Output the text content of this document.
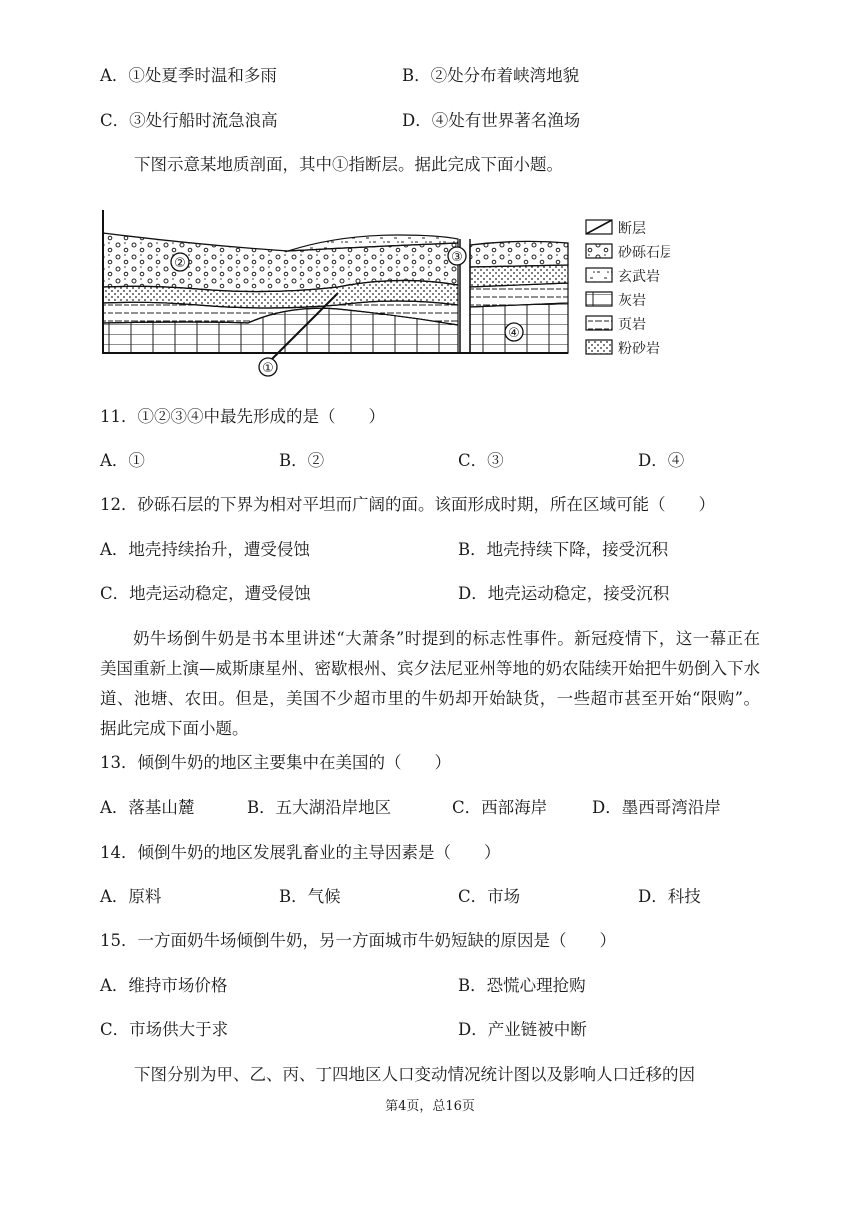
A．①处夏季时温和多雨	B．②处分布着峡湾地貌
C．③处行船时流急浪高	D．④处有世界著名渔场
下图示意某地质剖面，其中①指断层。据此完成下面小题。
①
②	③
④
断层
砂砾石层
玄武岩
灰岩
页岩
粉砂岩
11．①②③④中最先形成的是（　　）
A．①	B．②	C．③	D．④
12．砂砾石层的下界为相对平坦而广阔的面。该面形成时期，所在区域可能（　　）
A．地壳持续抬升，遭受侵蚀	B．地壳持续下降，接受沉积
C．地壳运动稳定，遭受侵蚀	D．地壳运动稳定，接受沉积
奶牛场倒牛奶是书本里讲述“大萧条”时提到的标志性事件。新冠疫情下，这一幕正在美国重新上演—威斯康星州、密歇根州、宾夕法尼亚州等地的奶农陆续开始把牛奶倒入下水道、池塘、农田。但是，美国不少超市里的牛奶却开始缺货，一些超市甚至开始“限购”。据此完成下面小题。
13．倾倒牛奶的地区主要集中在美国的（　　）
A．落基山麓	B．五大湖沿岸地区	C．西部海岸	D．墨西哥湾沿岸
14．倾倒牛奶的地区发展乳畜业的主导因素是（　　）
A．原料	B．气候	C．市场	D．科技
15．一方面奶牛场倾倒牛奶，另一方面城市牛奶短缺的原因是（　　）
A．维持市场价格	B．恐慌心理抢购
C．市场供大于求	D．产业链被中断
下图分别为甲、乙、丙、丁四地区人口变动情况统计图以及影响人口迁移的因
第4页，总16页
